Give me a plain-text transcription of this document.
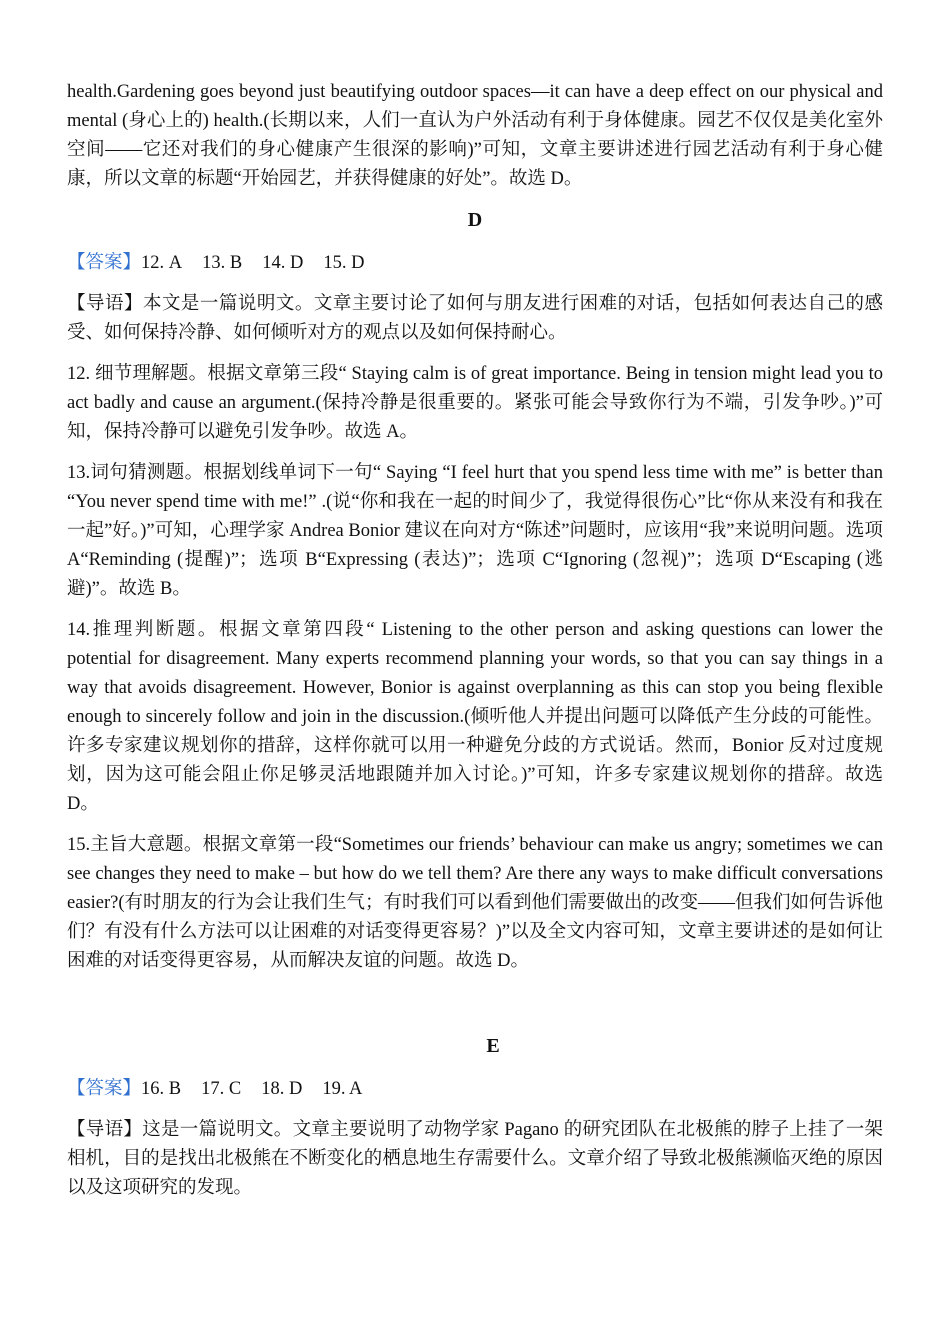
health.Gardening goes beyond just beautifying outdoor spaces—it can have a deep effect on our physical and mental (身心上的) health.(长期以来，人们一直认为户外活动有利于身体健康。园艺不仅仅是美化室外空间——它还对我们的身心健康产生很深的影响)”可知，文章主要讲述进行园艺活动有利于身心健康，所以文章的标题“开始园艺，并获得健康的好处”。故选 D。

D

【答案】12. A 13. B 14. D 15. D

【导语】本文是一篇说明文。文章主要讨论了如何与朋友进行困难的对话，包括如何表达自己的感受、如何保持冷静、如何倾听对方的观点以及如何保持耐心。

12. 细节理解题。根据文章第三段“ Staying calm is of great importance. Being in tension might lead you to act badly and cause an argument.(保持冷静是很重要的。紧张可能会导致你行为不端，引发争吵。)”可知，保持冷静可以避免引发争吵。故选 A。

13.词句猜测题。根据划线单词下一句“ Saying “I feel hurt that you spend less time with me” is better than “You never spend time with me!” .(说“你和我在一起的时间少了，我觉得很伤心”比“你从来没有和我在一起”好。)”可知，心理学家 Andrea Bonior 建议在向对方“陈述”问题时，应该用“我”来说明问题。选项 A“Reminding (提醒)”；选项 B“Expressing (表达)”；选项 C“Ignoring (忽视)”；选项 D“Escaping (逃避)”。故选 B。

14.推理判断题。根据文章第四段“ Listening to the other person and asking questions can lower the potential for disagreement. Many experts recommend planning your words, so that you can say things in a way that avoids disagreement. However, Bonior is against overplanning as this can stop you being flexible enough to sincerely follow and join in the discussion.(倾听他人并提出问题可以降低产生分歧的可能性。许多专家建议规划你的措辞，这样你就可以用一种避免分歧的方式说话。然而，Bonior 反对过度规划，因为这可能会阻止你足够灵活地跟随并加入讨论。)”可知，许多专家建议规划你的措辞。故选 D。

15.主旨大意题。根据文章第一段“Sometimes our friends’ behaviour can make us angry; sometimes we can see changes they need to make – but how do we tell them? Are there any ways to make difficult conversations easier?(有时朋友的行为会让我们生气；有时我们可以看到他们需要做出的改变——但我们如何告诉他们？有没有什么方法可以让困难的对话变得更容易？)”以及全文内容可知，文章主要讲述的是如何让困难的对话变得更容易，从而解决友谊的问题。故选 D。

E

【答案】16. B 17. C 18. D 19. A

【导语】这是一篇说明文。文章主要说明了动物学家 Pagano 的研究团队在北极熊的脖子上挂了一架相机，目的是找出北极熊在不断变化的栖息地生存需要什么。文章介绍了导致北极熊濒临灭绝的原因以及这项研究的发现。
